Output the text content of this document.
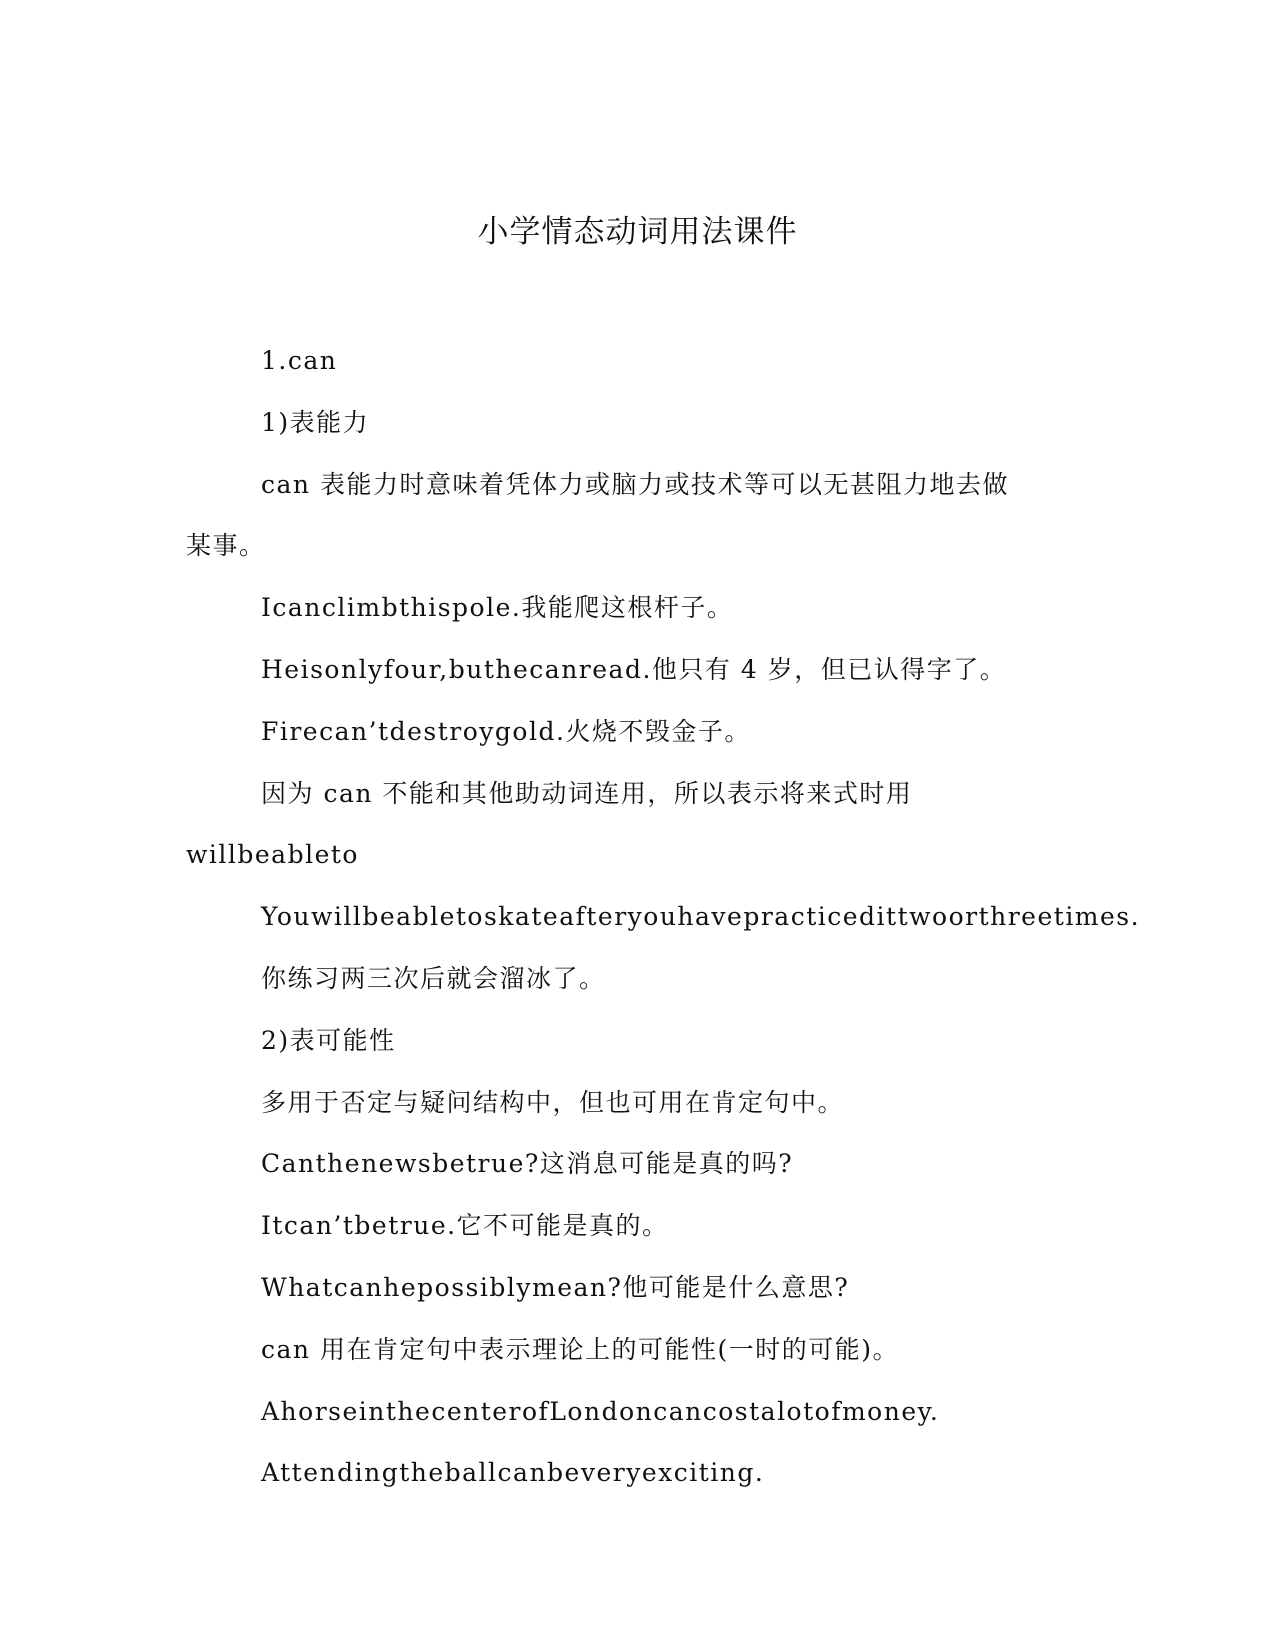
小学情态动词用法课件

1.can

1)表能力

can 表能力时意味着凭体力或脑力或技术等可以无甚阻力地去做

某事。

Icanclimbthispole.我能爬这根杆子。

Heisonlyfour,buthecanread.他只有 4 岁，但已认得字了。

Firecan’tdestroygold.火烧不毁金子。

因为 can 不能和其他助动词连用，所以表示将来式时用

willbeableto

Youwillbeabletoskateafteryouhavepracticedittwoorthreetimes.

你练习两三次后就会溜冰了。

2)表可能性

多用于否定与疑问结构中，但也可用在肯定句中。

Canthenewsbetrue?这消息可能是真的吗?

Itcan’tbetrue.它不可能是真的。

Whatcanhepossiblymean?他可能是什么意思?

can 用在肯定句中表示理论上的可能性(一时的可能)。

AhorseinthecenterofLondoncancostalotofmoney.

Attendingtheballcanbeveryexciting.
